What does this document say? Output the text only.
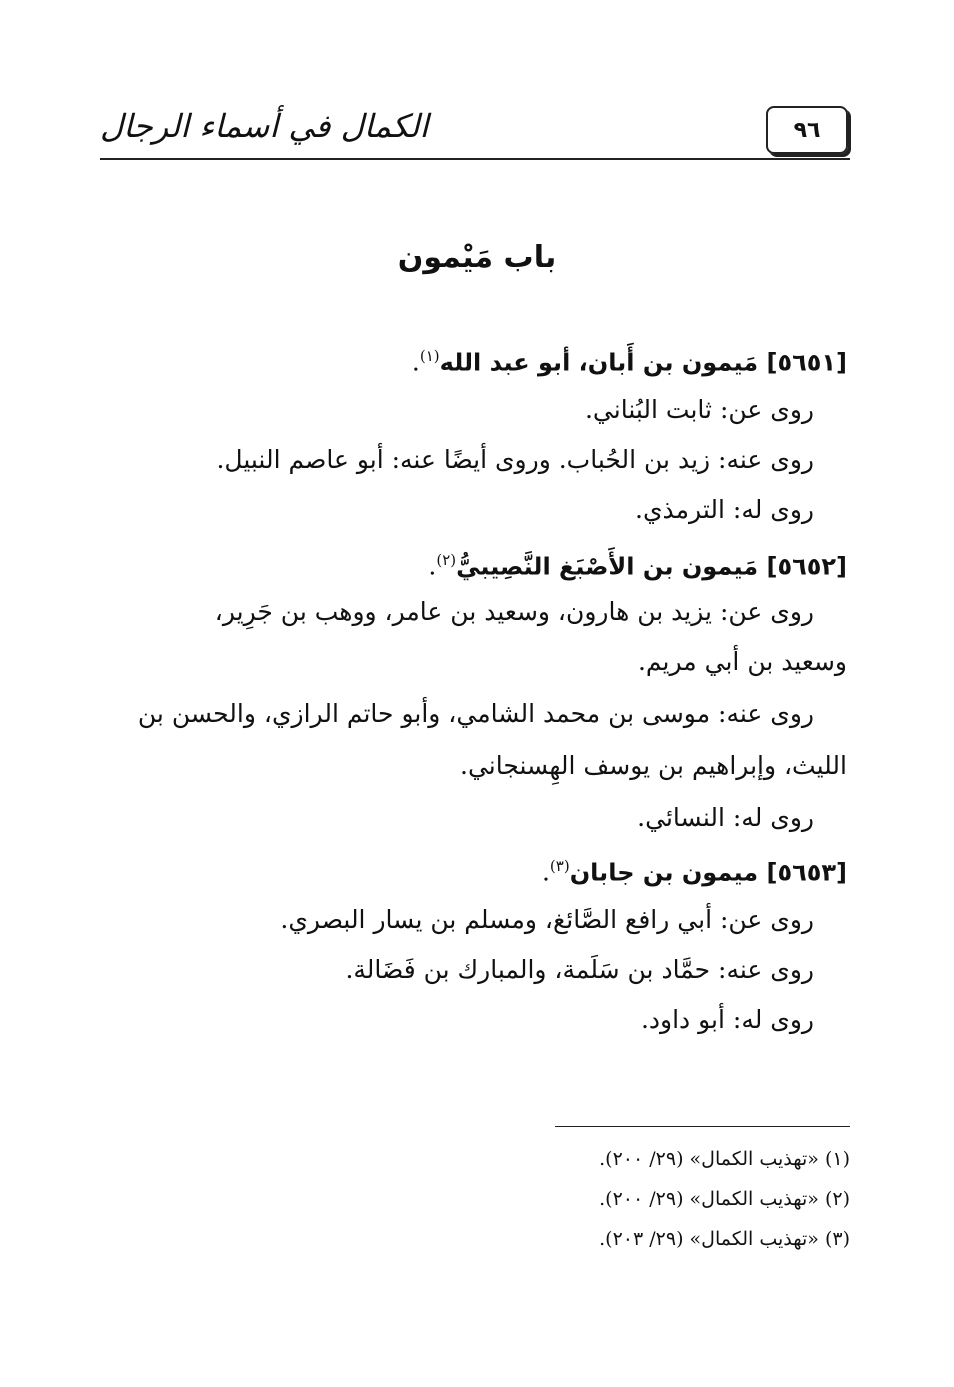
الكمال في أسماء الرجال	٩٦
باب مَيْمون
[٥٦٥١] مَيمون بن أَبان، أبو عبد الله$^{(١)}$.
روى عن: ثابت البُناني.
روى عنه: زيد بن الحُباب. وروى أيضًا عنه: أبو عاصم النبيل.
روى له: الترمذي.
[٥٦٥٢] مَيمون بن الأَصْبَغ النَّصِيبيُّ$^{(٢)}$.
روى عن: يزيد بن هارون، وسعيد بن عامر، ووهب بن جَرِير،
وسعيد بن أبي مريم.
روى عنه: موسى بن محمد الشامي، وأبو حاتم الرازي، والحسن بن
الليث، وإبراهيم بن يوسف الهِسنجاني.
روى له: النسائي.
[٥٦٥٣] ميمون بن جابان$^{(٣)}$.
روى عن: أبي رافع الصَّائغ، ومسلم بن يسار البصري.
روى عنه: حمَّاد بن سَلَمة، والمبارك بن فَضَالة.
روى له: أبو داود.
(١) «تهذيب الكمال» (٢٩/ ٢٠٠).
(٢) «تهذيب الكمال» (٢٩/ ٢٠٠).
(٣) «تهذيب الكمال» (٢٩/ ٢٠٣).
